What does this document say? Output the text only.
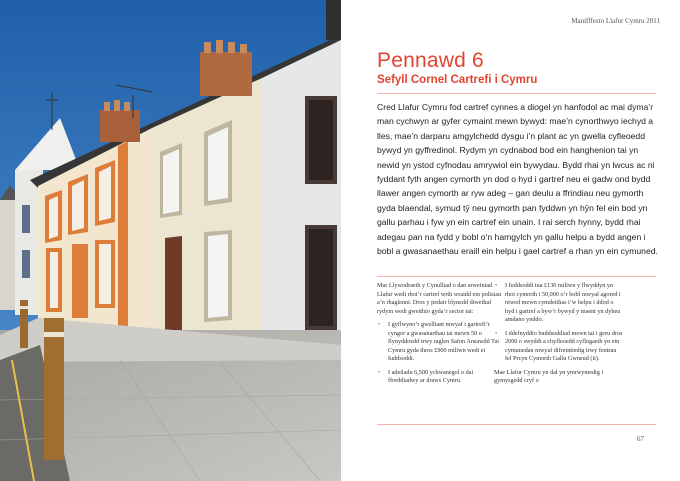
Manifffesto Llafur Cymru 2011
Pennawd 6
Sefyll Cornel Cartrefi i Cymru

Cred Llafur Cymru fod cartref cynnes a diogel yn hanfodol ac mai dyma’r man cychwyn ar gyfer cymaint mewn bywyd: mae’n cynorthwyo iechyd a lles, mae’n darparu amgylchedd dysgu i’n plant ac yn gwella cyfleoedd bywyd yn gyffredinol. Rydym yn cydnabod bod ein hanghenion tai yn newid yn ystod cyfnodau amrywiol ein bywydau. Bydd rhai yn lwcus ac ni fyddant fyth angen cymorth yn dod o hyd i gartref neu ei gadw ond bydd llawer angen cymorth ar ryw adeg – gan deulu a ffrindiau neu gymorth gyda blaendal, symud tŷ neu gymorth pan fyddwn yn hŷn fel ein bod yn gallu parhau i fyw yn ein cartref ein unain. I rai serch hynny, bydd rhai adegau pan na fydd y bobl o’n hamgylch yn gallu helpu a bydd angen i bobl a gwasanaethau eraill ein helpu i gael cartref a rhan yn ein cymuned.

Mar Llywodraeth y Cynulliad o dan arweiniad Llafur wedi rhoi’r cartref wrth wraidd ein polisiau a’n rhaglenni. Dros y pedair blynedd diwethaf rydym wedi gweithio gyda’r sector tai:

• I gyflwyno’r gwelliant mwyaf i gartrefi’r cyngor a gwasanarthau tai mewn 50 o flynyddoedd trwy raglen Safon Ansawdd Tai Cymru gyda thros £900 miliwn wedi ei fuddsoddi.
• I adeiladu 6,500 ychwanegol o dai fforddiadwy ar draws Cymru.
• I fuddsoddi tua £130 miliwn y flwyddyn yn rhoi cymorth i 50,000 o’r bobl mwyaf agored i niwed mewn cymdeithas i’w helpu i ddod o hyd i gartref a byw’r bywyd y maent yn dyheu amdano ynddo.
• I ddefnyddio buddsoddiad mewn tai i greu dros 2000 o swyddi a chyfleoedd cyflogaeth yn ein cymunedau mwyaf difreintiedig trwy fentrau fel Prcyn Cymorth Gallu Gwneud (ii).

Mae Llafur Cymru yn dal yn ymrwymedig i gymysgedd cryf o

67
